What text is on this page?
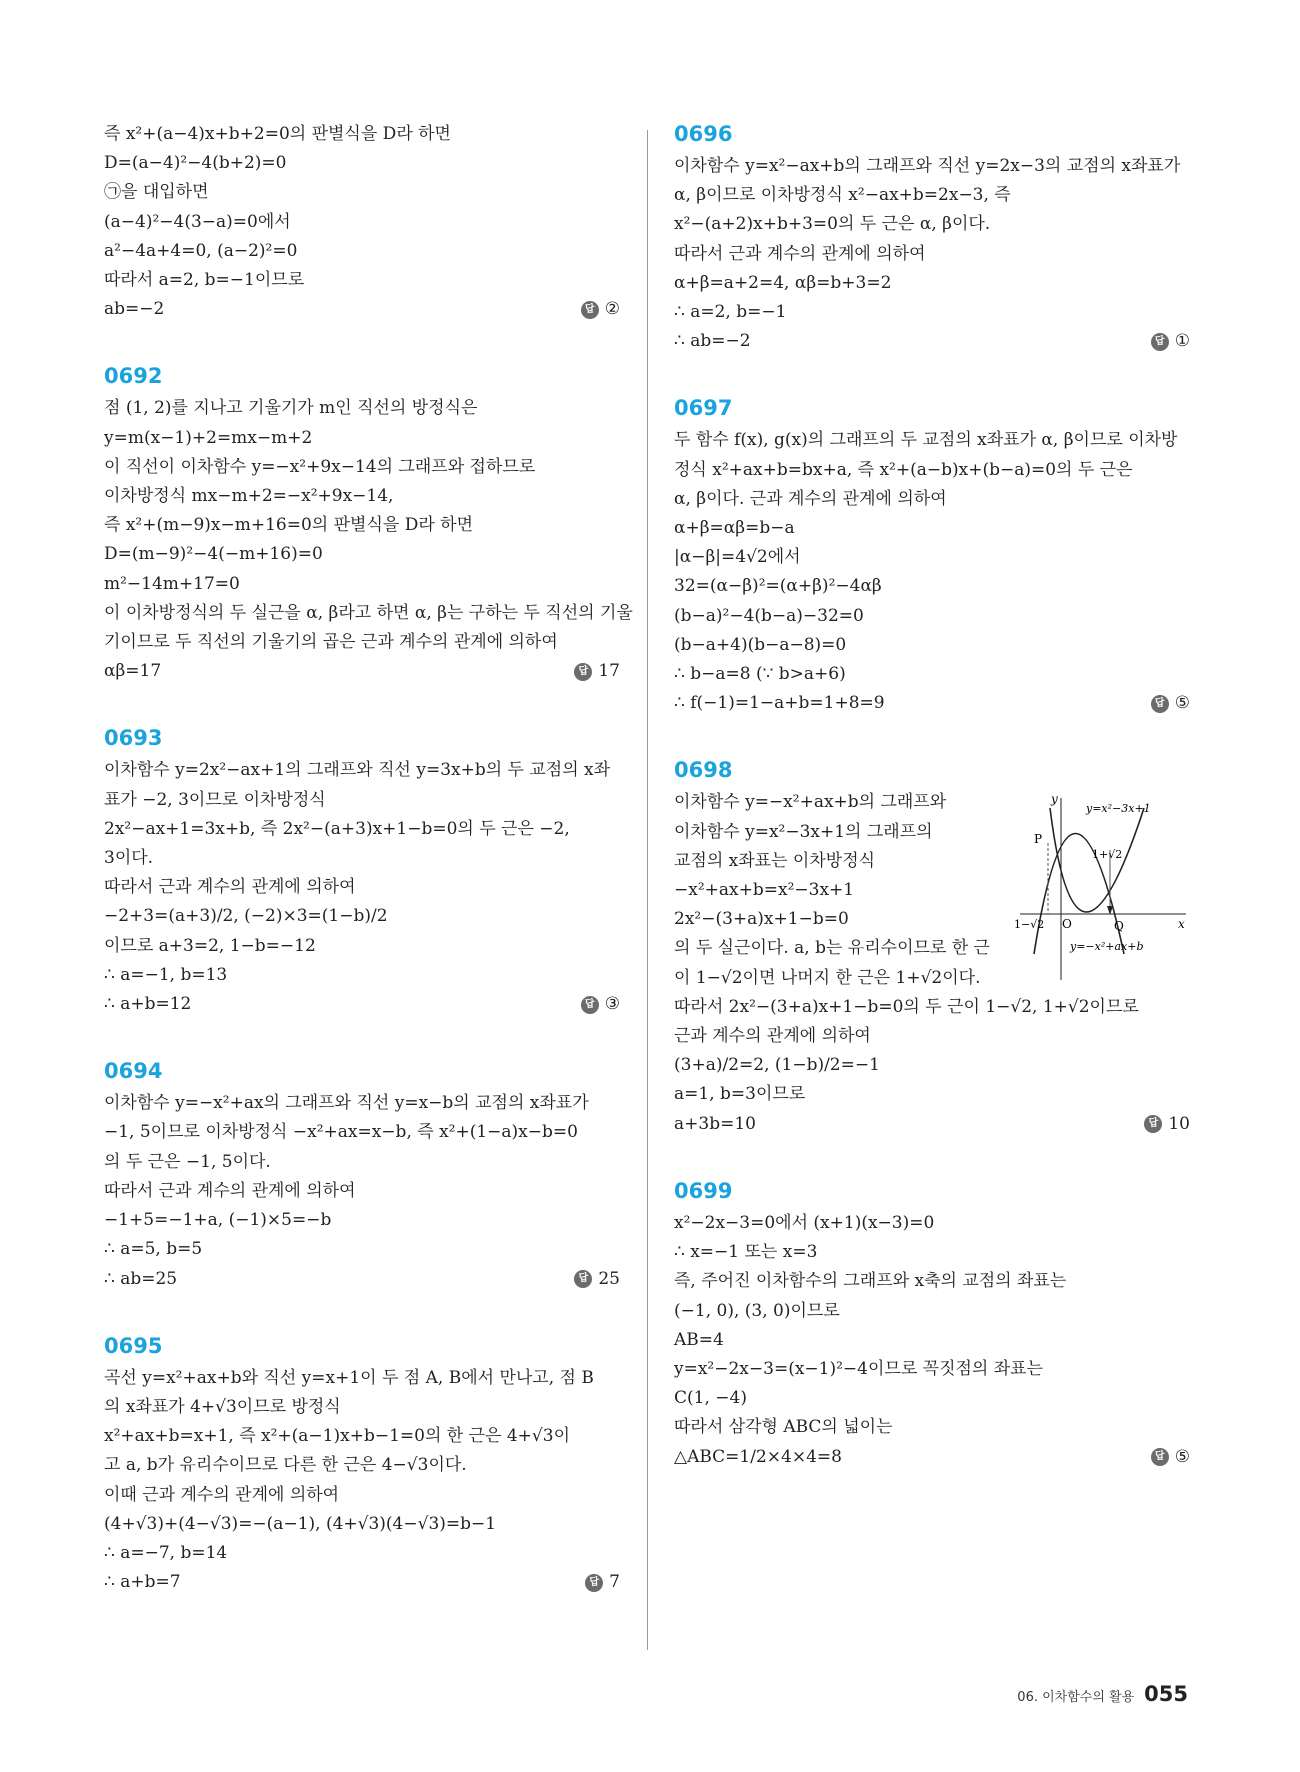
즉 x²+(a−4)x+b+2=0의 판별식을 D라 하면
D=(a−4)²−4(b+2)=0
㉠을 대입하면
(a−4)²−4(3−a)=0에서
a²−4a+4=0, (a−2)²=0
따라서 a=2, b=−1이므로
ab=−2	답 ②
0692
점 (1, 2)를 지나고 기울기가 m인 직선의 방정식은
y=m(x−1)+2=mx−m+2
이 직선이 이차함수 y=−x²+9x−14의 그래프와 접하므로
이차방정식 mx−m+2=−x²+9x−14,
즉 x²+(m−9)x−m+16=0의 판별식을 D라 하면
D=(m−9)²−4(−m+16)=0
m²−14m+17=0
이 이차방정식의 두 실근을 α, β라고 하면 α, β는 구하는 두 직선의 기울
기이므로 두 직선의 기울기의 곱은 근과 계수의 관계에 의하여
αβ=17	답 17
0693
이차함수 y=2x²−ax+1의 그래프와 직선 y=3x+b의 두 교점의 x좌
표가 −2, 3이므로 이차방정식
2x²−ax+1=3x+b, 즉 2x²−(a+3)x+1−b=0의 두 근은 −2,
3이다.
따라서 근과 계수의 관계에 의하여
−2+3=(a+3)/2, (−2)×3=(1−b)/2
이므로 a+3=2, 1−b=−12
∴ a=−1, b=13
∴ a+b=12	답 ③
0694
이차함수 y=−x²+ax의 그래프와 직선 y=x−b의 교점의 x좌표가
−1, 5이므로 이차방정식 −x²+ax=x−b, 즉 x²+(1−a)x−b=0
의 두 근은 −1, 5이다.
따라서 근과 계수의 관계에 의하여
−1+5=−1+a, (−1)×5=−b
∴ a=5, b=5
∴ ab=25	답 25
0695
곡선 y=x²+ax+b와 직선 y=x+1이 두 점 A, B에서 만나고, 점 B
의 x좌표가 4+√3이므로 방정식
x²+ax+b=x+1, 즉 x²+(a−1)x+b−1=0의 한 근은 4+√3이
고 a, b가 유리수이므로 다른 한 근은 4−√3이다.
이때 근과 계수의 관계에 의하여
(4+√3)+(4−√3)=−(a−1), (4+√3)(4−√3)=b−1
∴ a=−7, b=14
∴ a+b=7	답 7
0696
이차함수 y=x²−ax+b의 그래프와 직선 y=2x−3의 교점의 x좌표가
α, β이므로 이차방정식 x²−ax+b=2x−3, 즉
x²−(a+2)x+b+3=0의 두 근은 α, β이다.
따라서 근과 계수의 관계에 의하여
α+β=a+2=4, αβ=b+3=2
∴ a=2, b=−1
∴ ab=−2	답 ①
0697
두 함수 f(x), g(x)의 그래프의 두 교점의 x좌표가 α, β이므로 이차방
정식 x²+ax+b=bx+a, 즉 x²+(a−b)x+(b−a)=0의 두 근은
α, β이다. 근과 계수의 관계에 의하여
α+β=αβ=b−a
|α−β|=4√2에서
32=(α−β)²=(α+β)²−4αβ
(b−a)²−4(b−a)−32=0
(b−a+4)(b−a−8)=0
∴ b−a=8 (∵ b>a+6)
∴ f(−1)=1−a+b=1+8=9	답 ⑤
0698
y
x
O
P
Q
y=x²−3x+1
y=−x²+ax+b
1−√2
1+√2
이차함수 y=−x²+ax+b의 그래프와
이차함수 y=x²−3x+1의 그래프의
교점의 x좌표는 이차방정식
−x²+ax+b=x²−3x+1
2x²−(3+a)x+1−b=0
의 두 실근이다. a, b는 유리수이므로 한 근
이 1−√2이면 나머지 한 근은 1+√2이다.
따라서 2x²−(3+a)x+1−b=0의 두 근이 1−√2, 1+√2이므로
근과 계수의 관계에 의하여
(3+a)/2=2, (1−b)/2=−1
a=1, b=3이므로
a+3b=10	답 10
0699
x²−2x−3=0에서 (x+1)(x−3)=0
∴ x=−1 또는 x=3
즉, 주어진 이차함수의 그래프와 x축의 교점의 좌표는
(−1, 0), (3, 0)이므로
AB=4
y=x²−2x−3=(x−1)²−4이므로 꼭짓점의 좌표는
C(1, −4)
따라서 삼각형 ABC의 넓이는
△ABC=1/2×4×4=8	답 ⑤
06. 이차함수의 활용 055
